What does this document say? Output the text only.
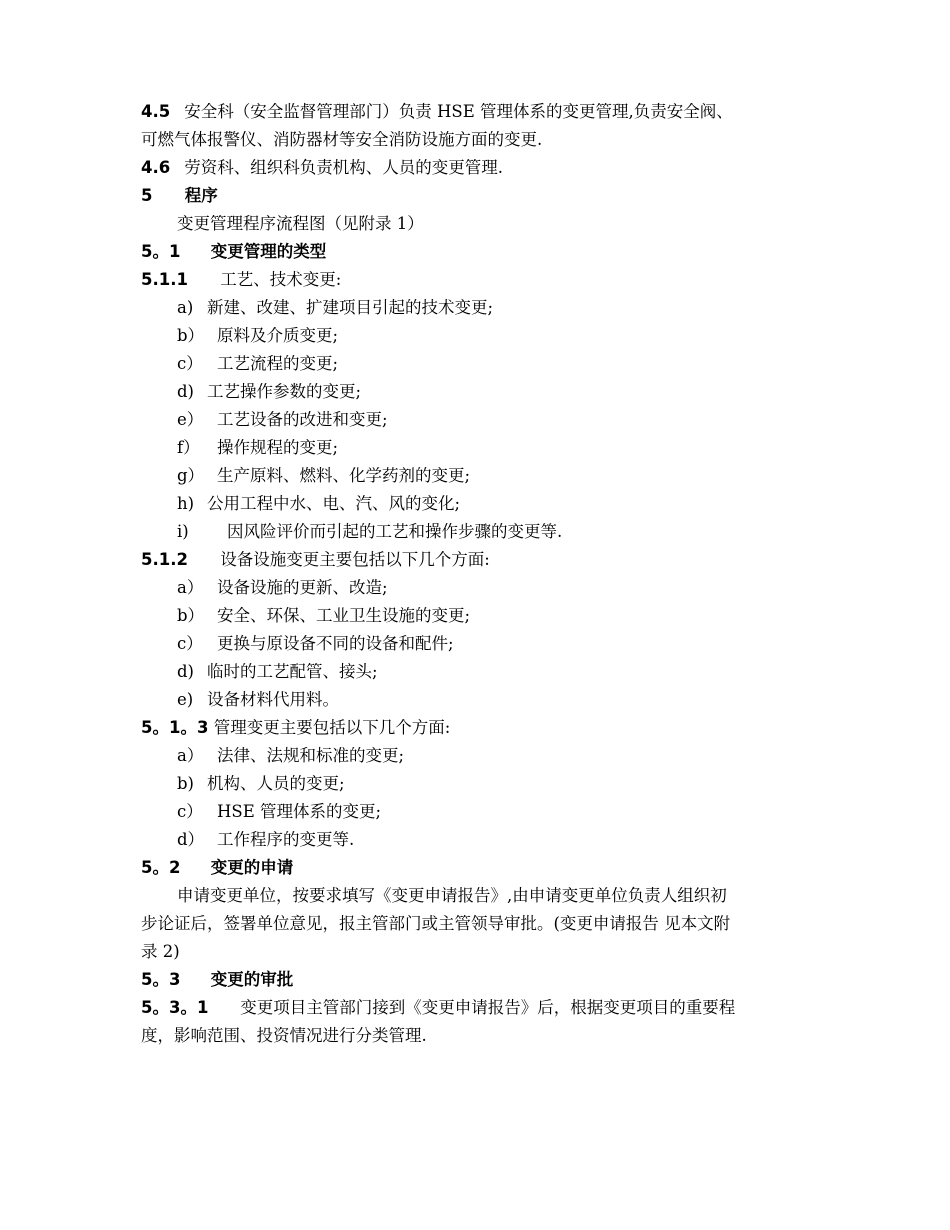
4.5 安全科（安全监督管理部门）负责 HSE 管理体系的变更管理,负责安全阀、
可燃气体报警仪、消防器材等安全消防设施方面的变更.
4.6 劳资科、组织科负责机构、人员的变更管理.
5 程序
变更管理程序流程图（见附录 1）
5。1 变更管理的类型
5.1.1 工艺、技术变更:
a) 新建、改建、扩建项目引起的技术变更;
b） 原料及介质变更;
c） 工艺流程的变更;
d) 工艺操作参数的变更;
e） 工艺设备的改进和变更;
f） 操作规程的变更;
g） 生产原料、燃料、化学药剂的变更;
h) 公用工程中水、电、汽、风的变化;
i) 因风险评价而引起的工艺和操作步骤的变更等.
5.1.2 设备设施变更主要包括以下几个方面:
a） 设备设施的更新、改造;
b） 安全、环保、工业卫生设施的变更;
c） 更换与原设备不同的设备和配件;
d) 临时的工艺配管、接头;
e) 设备材料代用料。
5。1。3 管理变更主要包括以下几个方面:
a） 法律、法规和标准的变更;
b) 机构、人员的变更;
c） HSE 管理体系的变更;
d） 工作程序的变更等.
5。2 变更的申请
申请变更单位，按要求填写《变更申请报告》,由申请变更单位负责人组织初
步论证后，签署单位意见，报主管部门或主管领导审批。(变更申请报告 见本文附
录 2)
5。3 变更的审批
5。3。1 变更项目主管部门接到《变更申请报告》后，根据变更项目的重要程
度，影响范围、投资情况进行分类管理.
